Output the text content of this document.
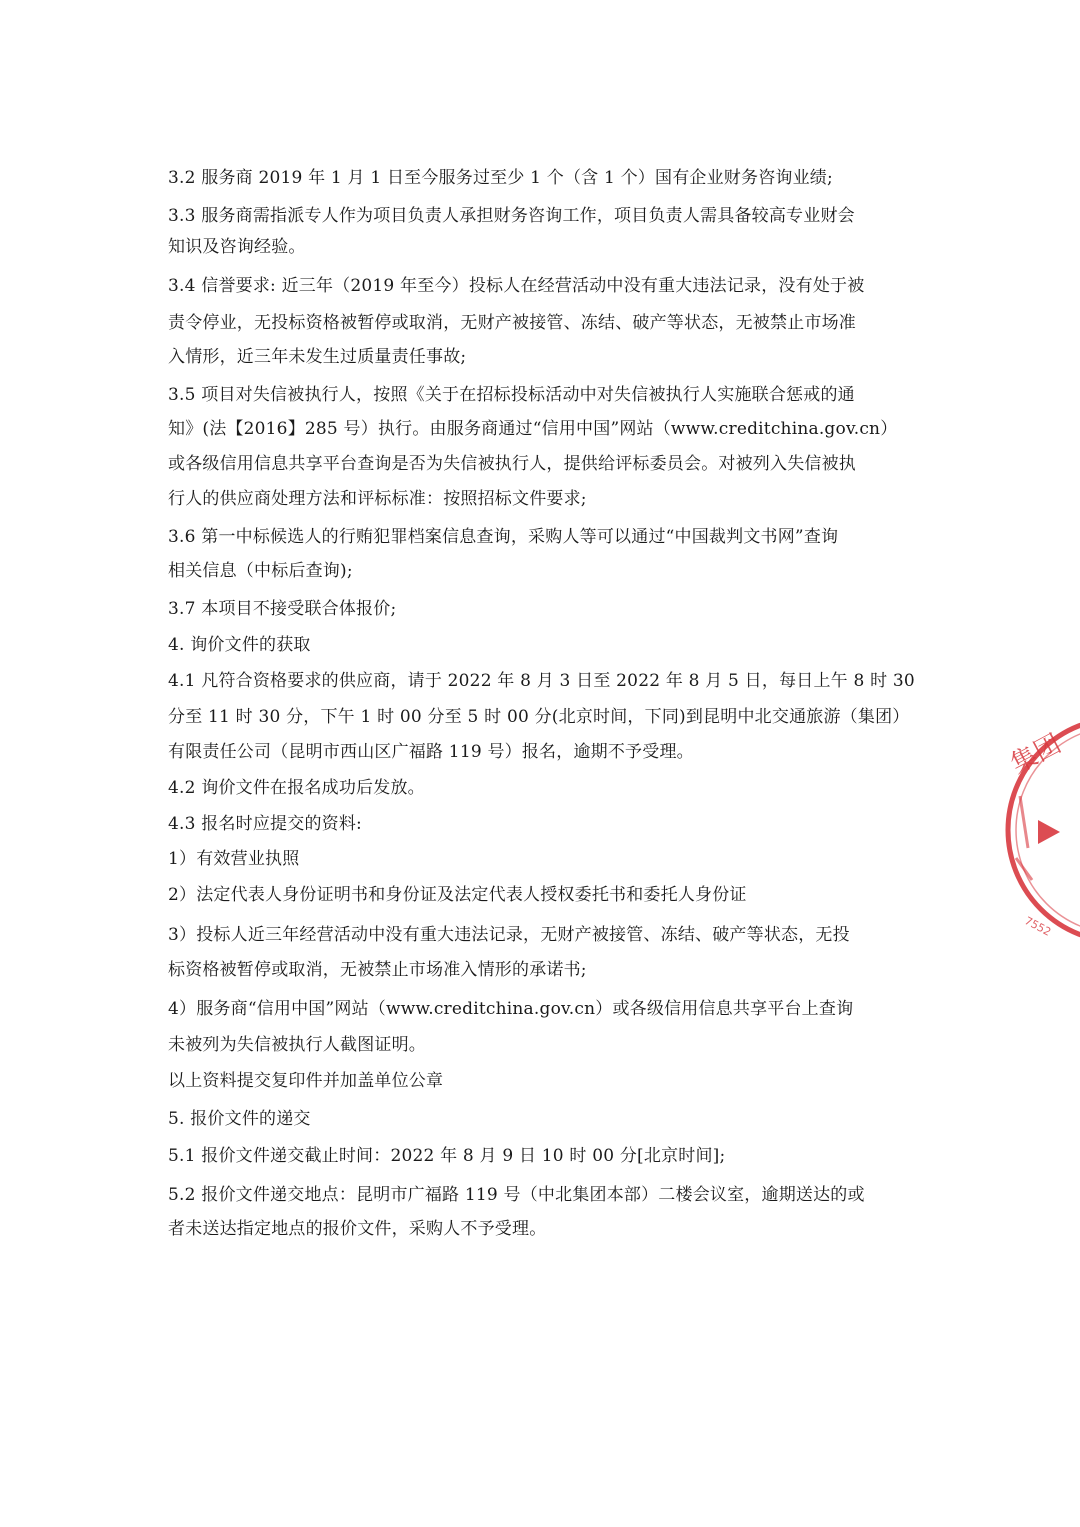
3.2 服务商 2019 年 1 月 1 日至今服务过至少 1 个（含 1 个）国有企业财务咨询业绩;
3.3 服务商需指派专人作为项目负责人承担财务咨询工作，项目负责人需具备较高专业财会
知识及咨询经验。
3.4 信誉要求: 近三年（2019 年至今）投标人在经营活动中没有重大违法记录，没有处于被
责令停业，无投标资格被暂停或取消，无财产被接管、冻结、破产等状态，无被禁止市场准
入情形，近三年未发生过质量责任事故;
3.5 项目对失信被执行人，按照《关于在招标投标活动中对失信被执行人实施联合惩戒的通
知》(法【2016】285 号）执行。由服务商通过“信用中国”网站（www.creditchina.gov.cn）
或各级信用信息共享平台查询是否为失信被执行人，提供给评标委员会。对被列入失信被执
行人的供应商处理方法和评标标准：按照招标文件要求;
3.6 第一中标候选人的行贿犯罪档案信息查询，采购人等可以通过“中国裁判文书网”查询
相关信息（中标后查询);
3.7 本项目不接受联合体报价;
4. 询价文件的获取
4.1 凡符合资格要求的供应商，请于 2022 年 8 月 3 日至 2022 年 8 月 5 日，每日上午 8 时 30
分至 11 时 30 分，下午 1 时 00 分至 5 时 00 分(北京时间，下同)到昆明中北交通旅游（集团）
有限责任公司（昆明市西山区广福路 119 号）报名，逾期不予受理。
4.2 询价文件在报名成功后发放。
4.3 报名时应提交的资料:
1）有效营业执照
2）法定代表人身份证明书和身份证及法定代表人授权委托书和委托人身份证
3）投标人近三年经营活动中没有重大违法记录，无财产被接管、冻结、破产等状态，无投
标资格被暂停或取消，无被禁止市场准入情形的承诺书;
4）服务商“信用中国”网站（www.creditchina.gov.cn）或各级信用信息共享平台上查询
未被列为失信被执行人截图证明。
以上资料提交复印件并加盖单位公章
5. 报价文件的递交
5.1 报价文件递交截止时间：2022 年 8 月 9 日 10 时 00 分[北京时间];
5.2 报价文件递交地点：昆明市广福路 119 号（中北集团本部）二楼会议室，逾期送达的或
者未送达指定地点的报价文件，采购人不予受理。
集团
7552
